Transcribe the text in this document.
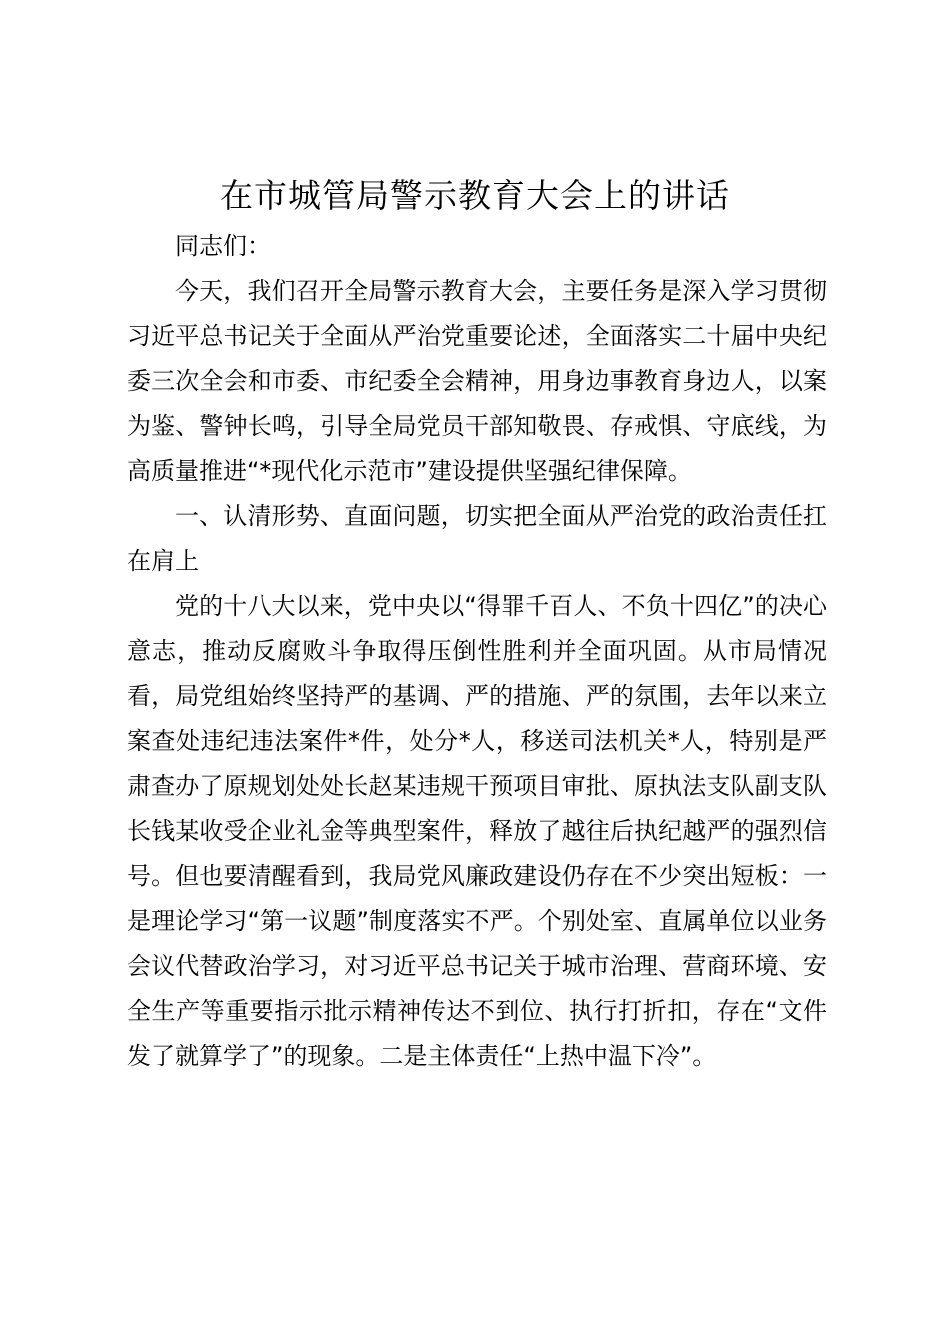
在市城管局警示教育大会上的讲话

同志们：

今天，我们召开全局警示教育大会，主要任务是深入学习贯彻习近平总书记关于全面从严治党重要论述，全面落实二十届中央纪委三次全会和市委、市纪委全会精神，用身边事教育身边人，以案为鉴、警钟长鸣，引导全局党员干部知敬畏、存戒惧、守底线，为高质量推进“*现代化示范市”建设提供坚强纪律保障。

一、认清形势、直面问题，切实把全面从严治党的政治责任扛在肩上

党的十八大以来，党中央以“得罪千百人、不负十四亿”的决心意志，推动反腐败斗争取得压倒性胜利并全面巩固。从市局情况看，局党组始终坚持严的基调、严的措施、严的氛围，去年以来立案查处违纪违法案件*件，处分*人，移送司法机关*人，特别是严肃查办了原规划处处长赵某违规干预项目审批、原执法支队副支队长钱某收受企业礼金等典型案件，释放了越往后执纪越严的强烈信号。但也要清醒看到，我局党风廉政建设仍存在不少突出短板：一是理论学习“第一议题”制度落实不严。个别处室、直属单位以业务会议代替政治学习，对习近平总书记关于城市治理、营商环境、安全生产等重要指示批示精神传达不到位、执行打折扣，存在“文件发了就算学了”的现象。二是主体责任“上热中温下冷”。
